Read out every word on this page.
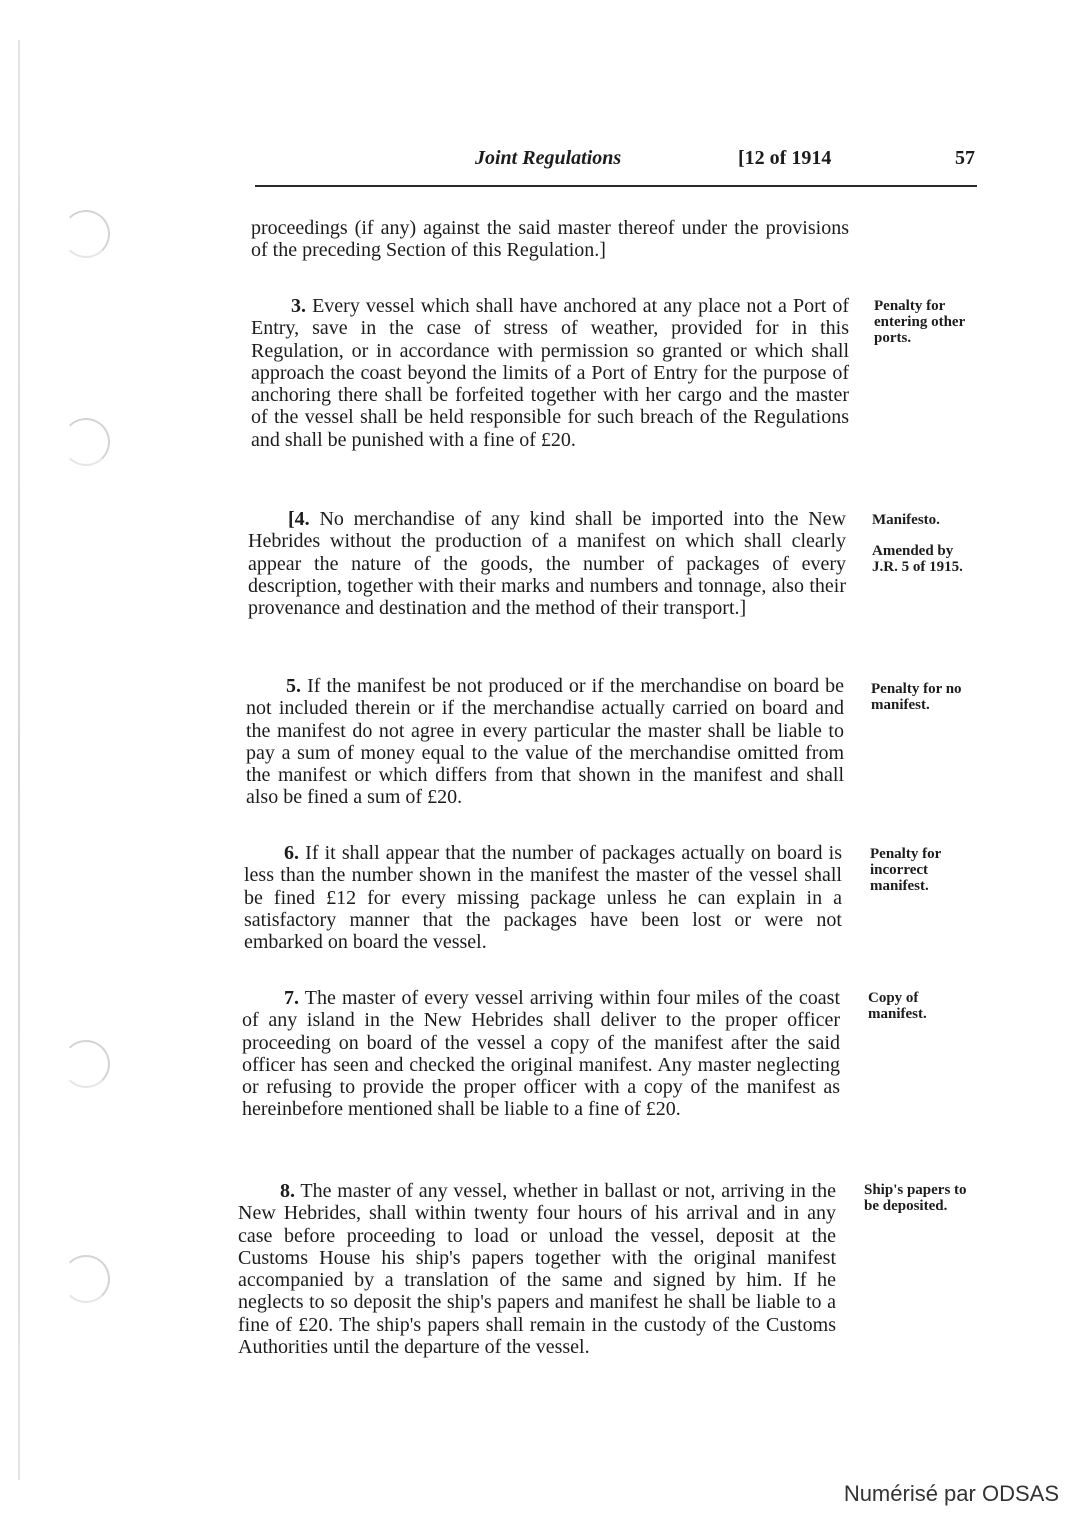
Joint Regulations	[12 of 1914	57

proceedings (if any) against the said master thereof under the provisions of the preceding Section of this Regulation.]

3. Every vessel which shall have anchored at any place not a Port of Entry, save in the case of stress of weather, provided for in this Regulation, or in accordance with permission so granted or which shall approach the coast beyond the limits of a Port of Entry for the purpose of anchoring there shall be forfeited together with her cargo and the master of the vessel shall be held responsible for such breach of the Regulations and shall be punished with a fine of £20.

Penalty for entering other ports.

[4. No merchandise of any kind shall be imported into the New Hebrides without the production of a manifest on which shall clearly appear the nature of the goods, the number of packages of every description, together with their marks and numbers and tonnage, also their provenance and destination and the method of their transport.]

Manifesto.

Amended by J.R. 5 of 1915.

5. If the manifest be not produced or if the merchandise on board be not included therein or if the merchandise actually carried on board and the manifest do not agree in every particular the master shall be liable to pay a sum of money equal to the value of the merchandise omitted from the manifest or which differs from that shown in the manifest and shall also be fined a sum of £20.

Penalty for no manifest.

6. If it shall appear that the number of packages actually on board is less than the number shown in the manifest the master of the vessel shall be fined £12 for every missing package unless he can explain in a satisfactory manner that the packages have been lost or were not embarked on board the vessel.

Penalty for incorrect manifest.

7. The master of every vessel arriving within four miles of the coast of any island in the New Hebrides shall deliver to the proper officer proceeding on board of the vessel a copy of the manifest after the said officer has seen and checked the original manifest. Any master neglecting or refusing to provide the proper officer with a copy of the manifest as hereinbefore mentioned shall be liable to a fine of £20.

Copy of manifest.

8. The master of any vessel, whether in ballast or not, arriving in the New Hebrides, shall within twenty four hours of his arrival and in any case before proceeding to load or unload the vessel, deposit at the Customs House his ship's papers together with the original manifest accompanied by a translation of the same and signed by him. If he neglects to so deposit the ship's papers and manifest he shall be liable to a fine of £20. The ship's papers shall remain in the custody of the Customs Authorities until the departure of the vessel.

Ship's papers to be deposited.

Numérisé par ODSAS
